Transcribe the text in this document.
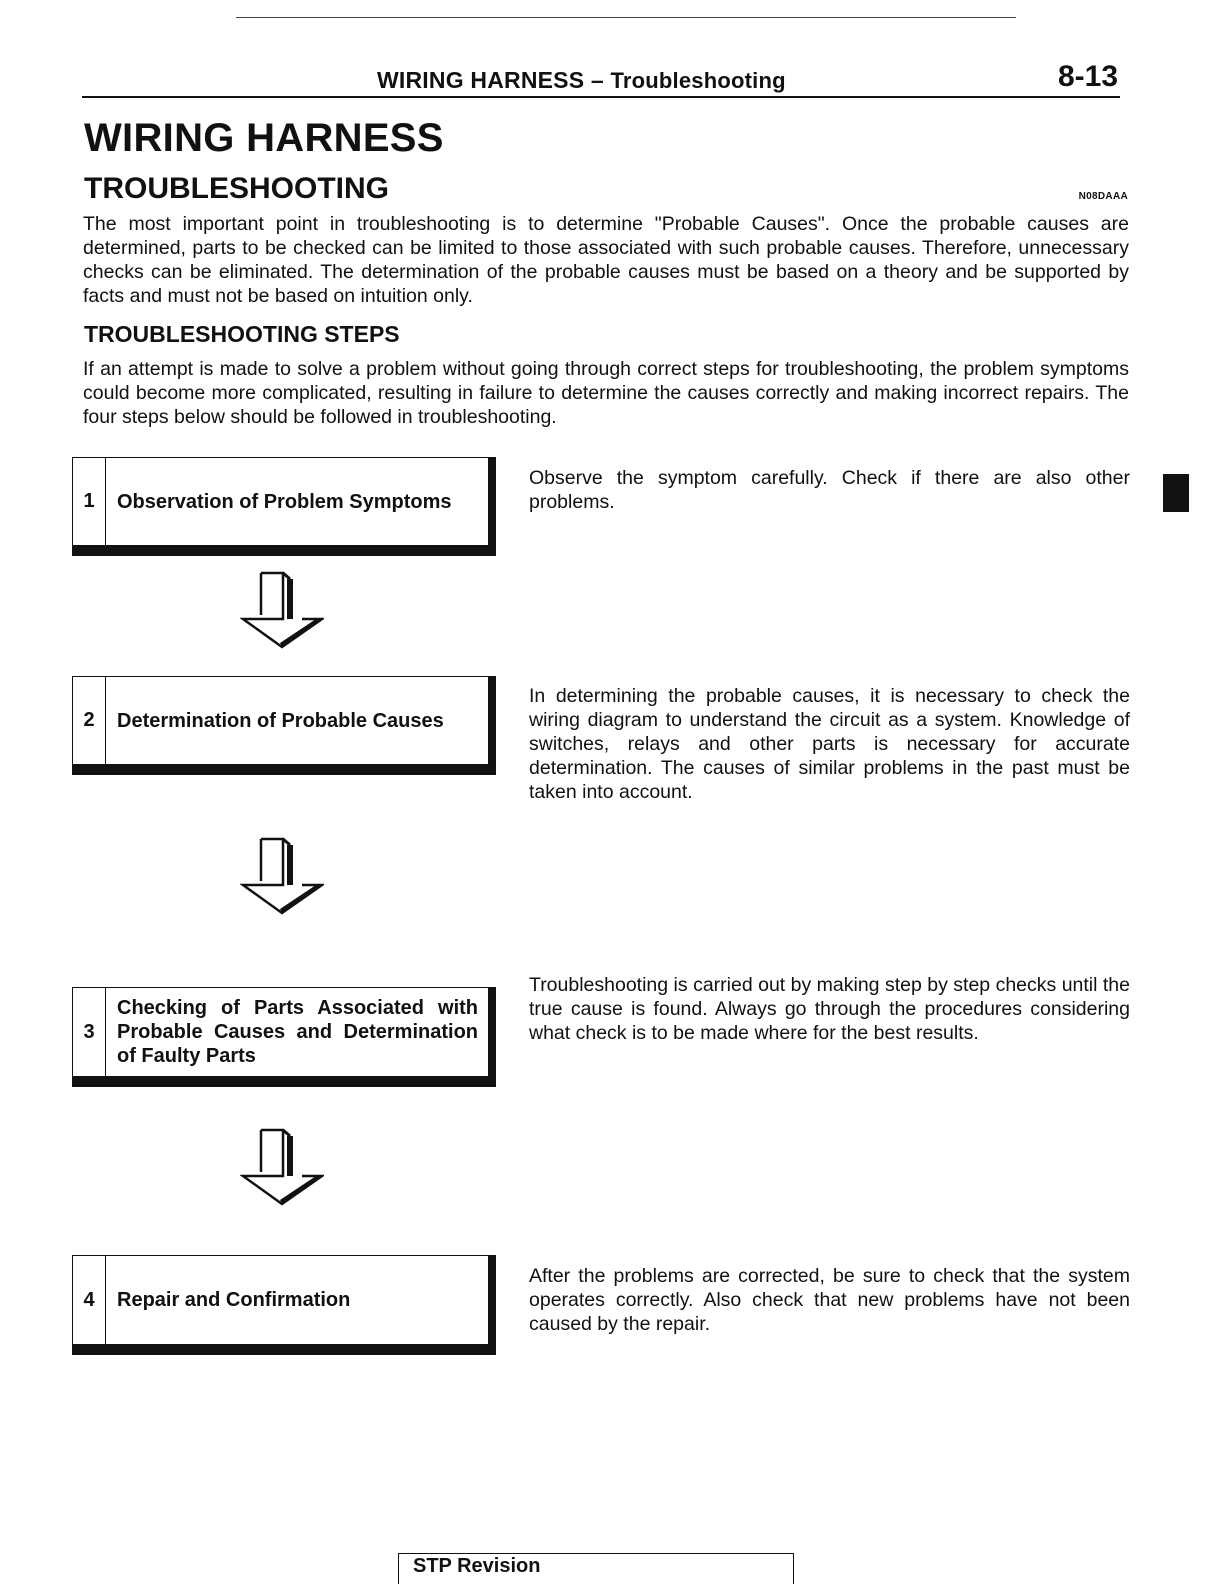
WIRING HARNESS – Troubleshooting	8-13
WIRING HARNESS
TROUBLESHOOTING	N08DAAA

The most important point in troubleshooting is to determine "Probable Causes". Once the probable causes are determined, parts to be checked can be limited to those associated with such probable causes. Therefore, unnecessary checks can be eliminated. The determination of the probable causes must be based on a theory and be supported by facts and must not be based on intuition only.

TROUBLESHOOTING STEPS

If an attempt is made to solve a problem without going through correct steps for troubleshooting, the problem symptoms could become more complicated, resulting in failure to determine the causes correctly and making incorrect repairs. The four steps below should be followed in troubleshooting.

1	Observation of Problem Symptoms

Observe the symptom carefully. Check if there are also other problems.

2	Determination of Probable Causes

In determining the probable causes, it is necessary to check the wiring diagram to understand the circuit as a system. Knowledge of switches, relays and other parts is necessary for accurate determination. The causes of similar problems in the past must be taken into account.

3
Checking of Parts Associated with Probable Causes and Determination of Faulty Parts

Troubleshooting is carried out by making step by step checks until the true cause is found. Always go through the procedures considering what check is to be made where for the best results.

4	Repair and Confirmation

After the problems are corrected, be sure to check that the system operates correctly. Also check that new problems have not been caused by the repair.

STP Revision
